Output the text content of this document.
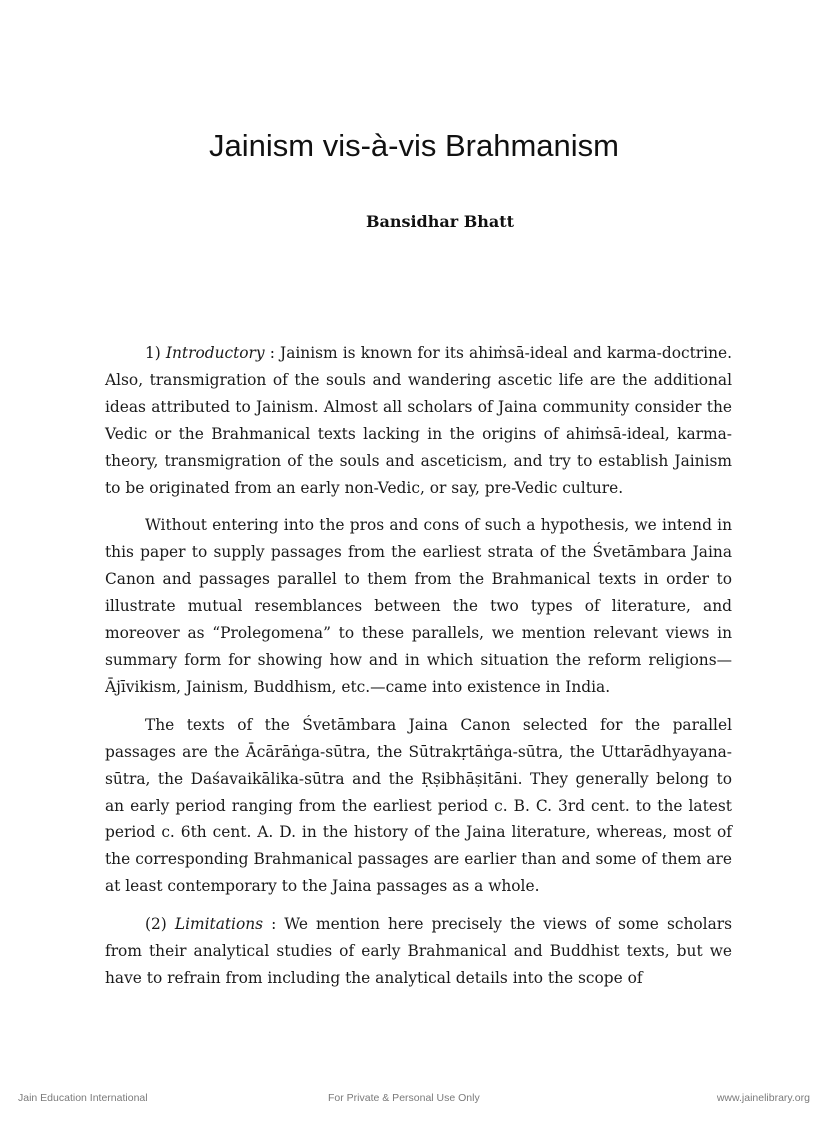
Jainism vis-à-vis Brahmanism
Bansidhar Bhatt

1) Introductory : Jainism is known for its ahiṁsā-ideal and karma-doctrine. Also, transmigration of the souls and wandering ascetic life are the additional ideas attributed to Jainism. Almost all scholars of Jaina community consider the Vedic or the Brahmanical texts lacking in the origins of ahiṁsā-ideal, karma-theory, transmigration of the souls and asceticism, and try to establish Jainism to be originated from an early non-Vedic, or say, pre-Vedic culture.

Without entering into the pros and cons of such a hypothesis, we intend in this paper to supply passages from the earliest strata of the Śvetāmbara Jaina Canon and passages parallel to them from the Brahmanical texts in order to illustrate mutual resemblances between the two types of literature, and moreover as “Prolegomena” to these parallels, we mention relevant views in summary form for showing how and in which situation the reform religions—Ājīvikism, Jainism, Buddhism, etc.—came into existence in India.

The texts of the Śvetāmbara Jaina Canon selected for the parallel passages are the Ācārāṅga-sūtra, the Sūtrakṛtāṅga-sūtra, the Uttarādhyayana-sūtra, the Daśavaikālika-sūtra and the Ṛṣibhāṣitāni. They generally belong to an early period ranging from the earliest period c. B. C. 3rd cent. to the latest period c. 6th cent. A. D. in the history of the Jaina literature, whereas, most of the corresponding Brahmanical passages are earlier than and some of them are at least contemporary to the Jaina passages as a whole.

(2) Limitations : We mention here precisely the views of some scholars from their analytical studies of early Brahmanical and Buddhist texts, but we have to refrain from including the analytical details into the scope of

Jain Education International	For Private & Personal Use Only	www.jainelibrary.org
